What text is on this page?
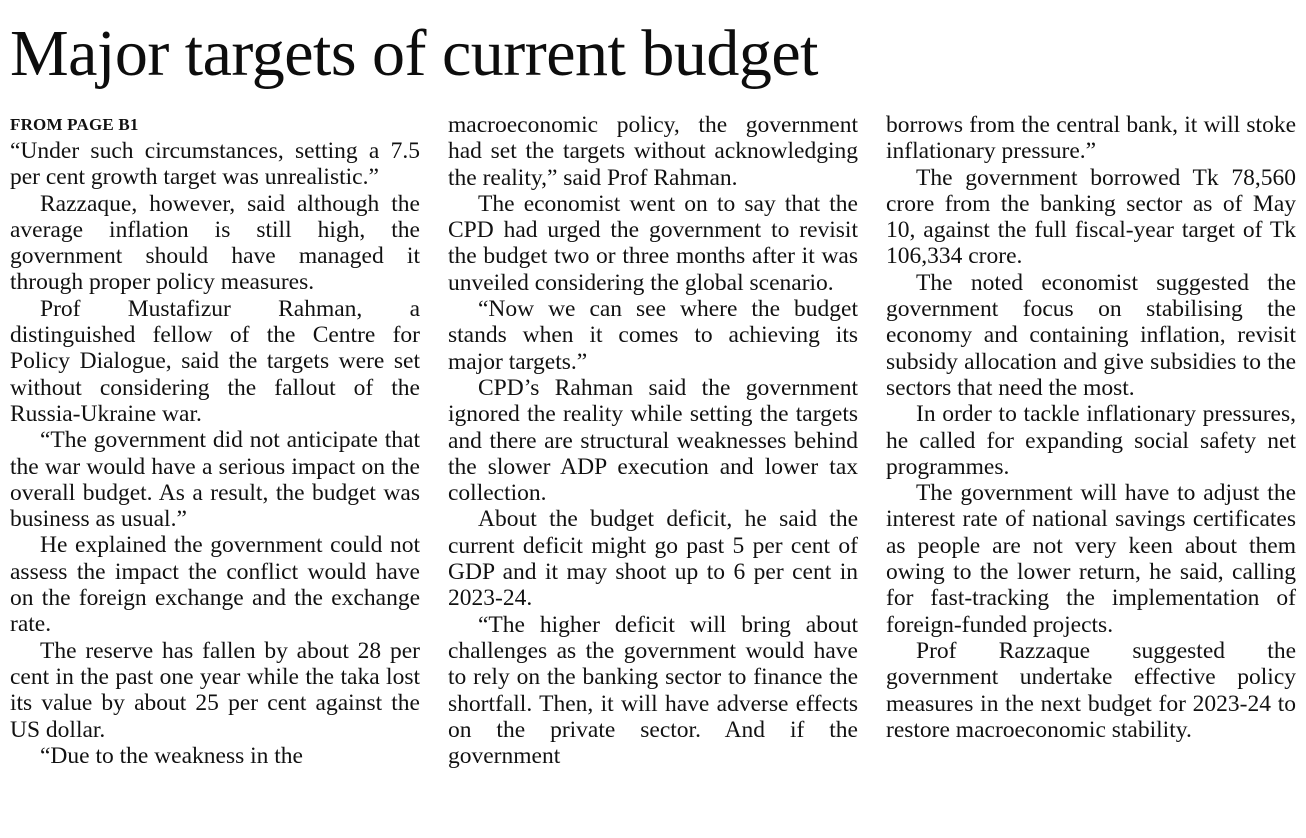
Major targets of current budget
FROM PAGE B1

“Under such circumstances, setting a 7.5 per cent growth target was unrealistic.”

Razzaque, however, said although the average inflation is still high, the government should have managed it through proper policy measures.

Prof Mustafizur Rahman, a distinguished fellow of the Centre for Policy Dialogue, said the targets were set without considering the fallout of the Russia-Ukraine war.

“The government did not anticipate that the war would have a serious impact on the overall budget. As a result, the budget was business as usual.”

He explained the government could not assess the impact the conflict would have on the foreign exchange and the exchange rate.

The reserve has fallen by about 28 per cent in the past one year while the taka lost its value by about 25 per cent against the US dollar.

“Due to the weakness in the

macroeconomic policy, the government had set the targets without acknowledging the reality,” said Prof Rahman.

The economist went on to say that the CPD had urged the government to revisit the budget two or three months after it was unveiled considering the global scenario.

“Now we can see where the budget stands when it comes to achieving its major targets.”

CPD’s Rahman said the government ignored the reality while setting the targets and there are structural weaknesses behind the slower ADP execution and lower tax collection.

About the budget deficit, he said the current deficit might go past 5 per cent of GDP and it may shoot up to 6 per cent in 2023-24.

“The higher deficit will bring about challenges as the government would have to rely on the banking sector to finance the shortfall. Then, it will have adverse effects on the private sector. And if the government

borrows from the central bank, it will stoke inflationary pressure.”

The government borrowed Tk 78,560 crore from the banking sector as of May 10, against the full fiscal-year target of Tk 106,334 crore.

The noted economist suggested the government focus on stabilising the economy and containing inflation, revisit subsidy allocation and give subsidies to the sectors that need the most.

In order to tackle inflationary pressures, he called for expanding social safety net programmes.

The government will have to adjust the interest rate of national savings certificates as people are not very keen about them owing to the lower return, he said, calling for fast-tracking the implementation of foreign-funded projects.

Prof Razzaque suggested the government undertake effective policy measures in the next budget for 2023-24 to restore macroeconomic stability.
